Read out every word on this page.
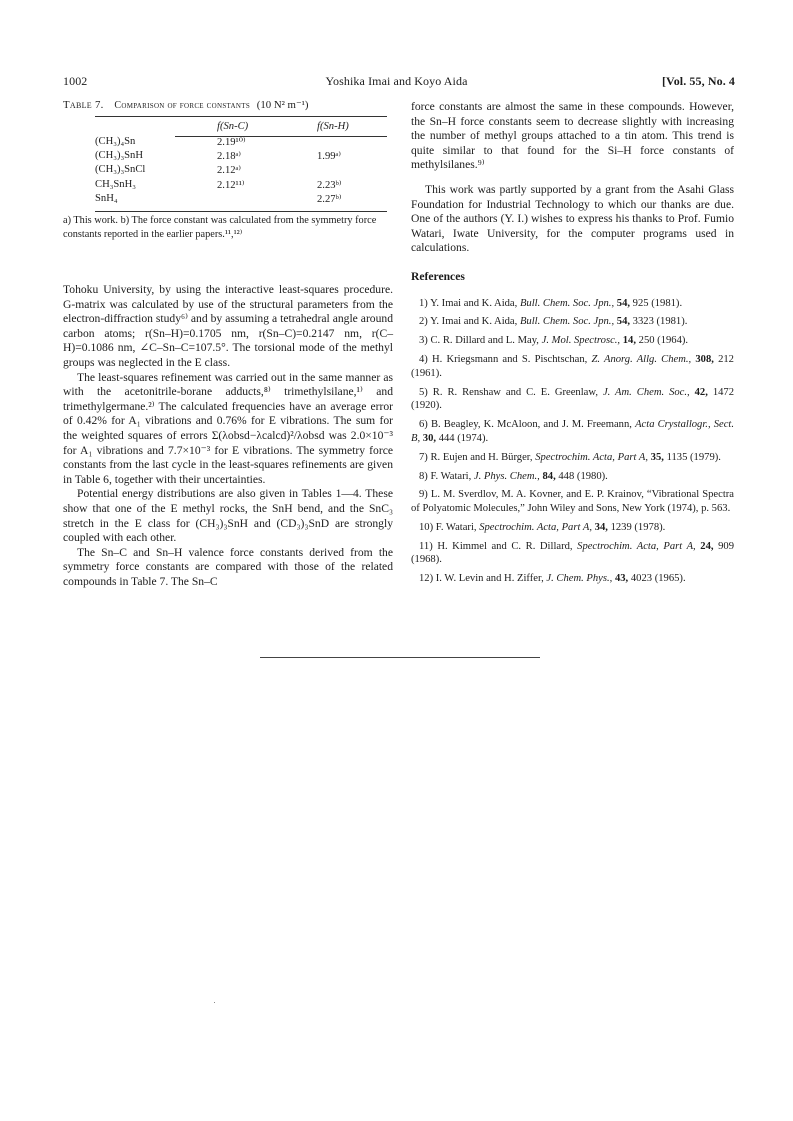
1002	Yoshika Imai and Koyo Aida	[Vol. 55, No. 4
Table 7. Comparison of force constants (10 N² m⁻¹)
	f(Sn-C)	f(Sn-H)
(CH₃)₄Sn	2.19¹⁰⁾	
(CH₃)₃SnH	2.18ᵃ⁾	1.99ᵃ⁾
(CH₃)₃SnCl	2.12ᵃ⁾	
CH₃SnH₃	2.12¹¹⁾	2.23ᵇ⁾
SnH₄		2.27ᵇ⁾
a) This work. b) The force constant was calculated from the symmetry force constants reported in the earlier papers.¹¹,¹²⁾

Tohoku University, by using the interactive least-squares procedure. G-matrix was calculated by use of the structural parameters from the electron-diffraction study⁶⁾ and by assuming a tetrahedral angle around carbon atoms; r(Sn–H)=0.1705 nm, r(Sn–C)=0.2147 nm, r(C–H)=0.1086 nm, ∠C–Sn–C=107.5°. The torsional mode of the methyl groups was neglected in the E class.

The least-squares refinement was carried out in the same manner as with the acetonitrile-borane adducts,⁸⁾ trimethylsilane,¹⁾ and trimethylgermane.²⁾ The calculated frequencies have an average error of 0.42% for A₁ vibrations and 0.76% for E vibrations. The sum for the weighted squares of errors Σ(λobsd−λcalcd)²/λobsd was 2.0×10⁻³ for A₁ vibrations and 7.7×10⁻³ for E vibrations. The symmetry force constants from the last cycle in the least-squares refinements are given in Table 6, together with their uncertainties.

Potential energy distributions are also given in Tables 1—4. These show that one of the E methyl rocks, the SnH bend, and the SnC₃ stretch in the E class for (CH₃)₃SnH and (CD₃)₃SnD are strongly coupled with each other.

The Sn–C and Sn–H valence force constants derived from the symmetry force constants are compared with those of the related compounds in Table 7. The Sn–C

force constants are almost the same in these compounds. However, the Sn–H force constants seem to decrease slightly with increasing the number of methyl groups attached to a tin atom. This trend is quite similar to that found for the Si–H force constants of methylsilanes.⁹⁾

This work was partly supported by a grant from the Asahi Glass Foundation for Industrial Technology to which our thanks are due. One of the authors (Y. I.) wishes to express his thanks to Prof. Fumio Watari, Iwate University, for the computer programs used in calculations.

References

1) Y. Imai and K. Aida, Bull. Chem. Soc. Jpn., 54, 925 (1981).

2) Y. Imai and K. Aida, Bull. Chem. Soc. Jpn., 54, 3323 (1981).

3) C. R. Dillard and L. May, J. Mol. Spectrosc., 14, 250 (1964).

4) H. Kriegsmann and S. Pischtschan, Z. Anorg. Allg. Chem., 308, 212 (1961).

5) R. R. Renshaw and C. E. Greenlaw, J. Am. Chem. Soc., 42, 1472 (1920).

6) B. Beagley, K. McAloon, and J. M. Freemann, Acta Crystallogr., Sect. B, 30, 444 (1974).

7) R. Eujen and H. Bürger, Spectrochim. Acta, Part A, 35, 1135 (1979).

8) F. Watari, J. Phys. Chem., 84, 448 (1980).

9) L. M. Sverdlov, M. A. Kovner, and E. P. Krainov, “Vibrational Spectra of Polyatomic Molecules,” John Wiley and Sons, New York (1974), p. 563.

10) F. Watari, Spectrochim. Acta, Part A, 34, 1239 (1978).

11) H. Kimmel and C. R. Dillard, Spectrochim. Acta, Part A, 24, 909 (1968).

12) I. W. Levin and H. Ziffer, J. Chem. Phys., 43, 4023 (1965).
